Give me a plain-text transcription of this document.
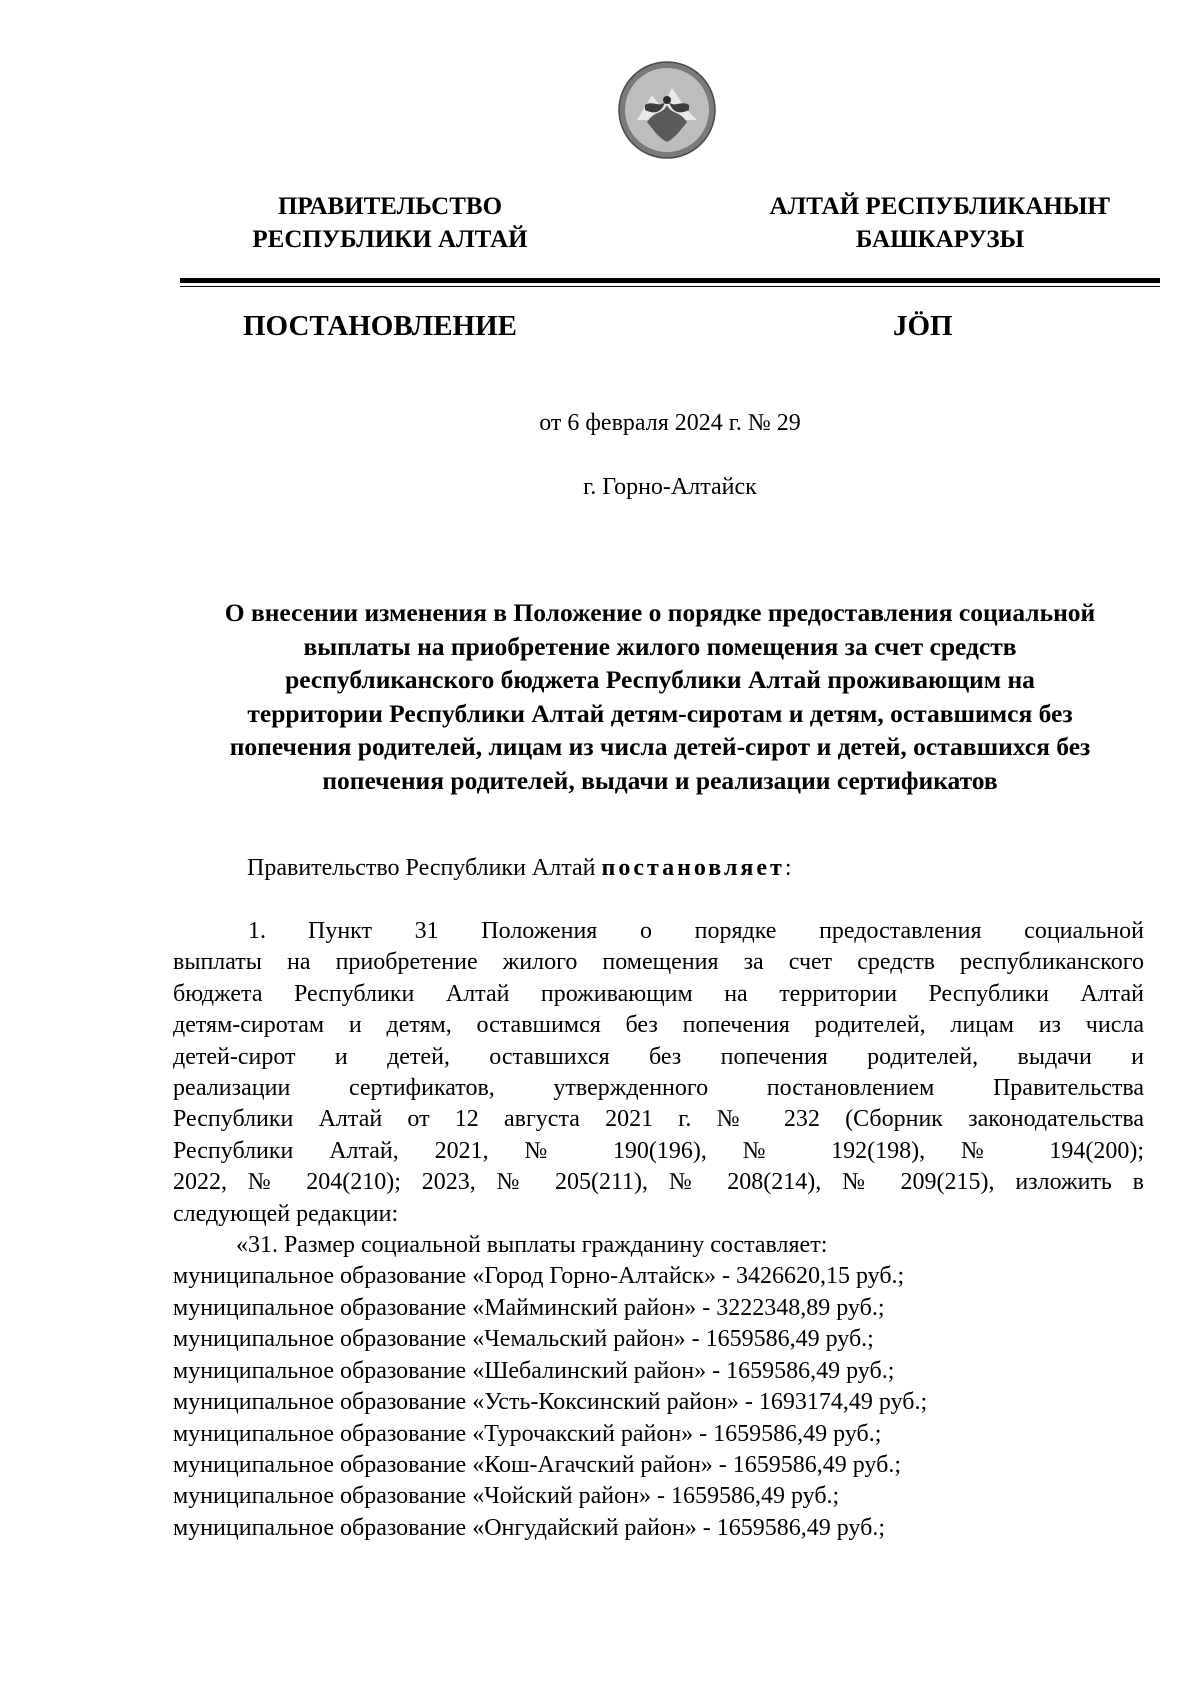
ПРАВИТЕЛЬСТВО
РЕСПУБЛИКИ АЛТАЙ
АЛТАЙ РЕСПУБЛИКАНЫҤ
БАШКАРУЗЫ
ПОСТАНОВЛЕНИЕ	JӦП
от 6 февраля 2024 г. № 29
г. Горно-Алтайск
О внесении изменения в Положение о порядке предоставления социальной
выплаты на приобретение жилого помещения за счет средств
республиканского бюджета Республики Алтай проживающим на
территории Республики Алтай детям-сиротам и детям, оставшимся без
попечения родителей, лицам из числа детей-сирот и детей, оставшихся без
попечения родителей, выдачи и реализации сертификатов
Правительство Республики Алтай постановляет:
1. Пункт 31 Положения о порядке предоставления социальной
выплаты на приобретение жилого помещения за счет средств республиканского
бюджета Республики Алтай проживающим на территории Республики Алтай
детям-сиротам и детям, оставшимся без попечения родителей, лицам из числа
детей-сирот и детей, оставшихся без попечения родителей, выдачи и
реализации сертификатов, утвержденного постановлением Правительства
Республики Алтай от 12 августа 2021 г. № 232 (Сборник законодательства
Республики Алтай, 2021, № 190(196), № 192(198), № 194(200);
2022, № 204(210); 2023, № 205(211), № 208(214), № 209(215), изложить в
следующей редакции:
«31. Размер социальной выплаты гражданину составляет:
муниципальное образование «Город Горно-Алтайск» - 3426620,15 руб.;
муниципальное образование «Майминский район» - 3222348,89 руб.;
муниципальное образование «Чемальский район» - 1659586,49 руб.;
муниципальное образование «Шебалинский район» - 1659586,49 руб.;
муниципальное образование «Усть-Коксинский район» - 1693174,49 руб.;
муниципальное образование «Турочакский район» - 1659586,49 руб.;
муниципальное образование «Кош-Агачский район» - 1659586,49 руб.;
муниципальное образование «Чойский район» - 1659586,49 руб.;
муниципальное образование «Онгудайский район» - 1659586,49 руб.;
